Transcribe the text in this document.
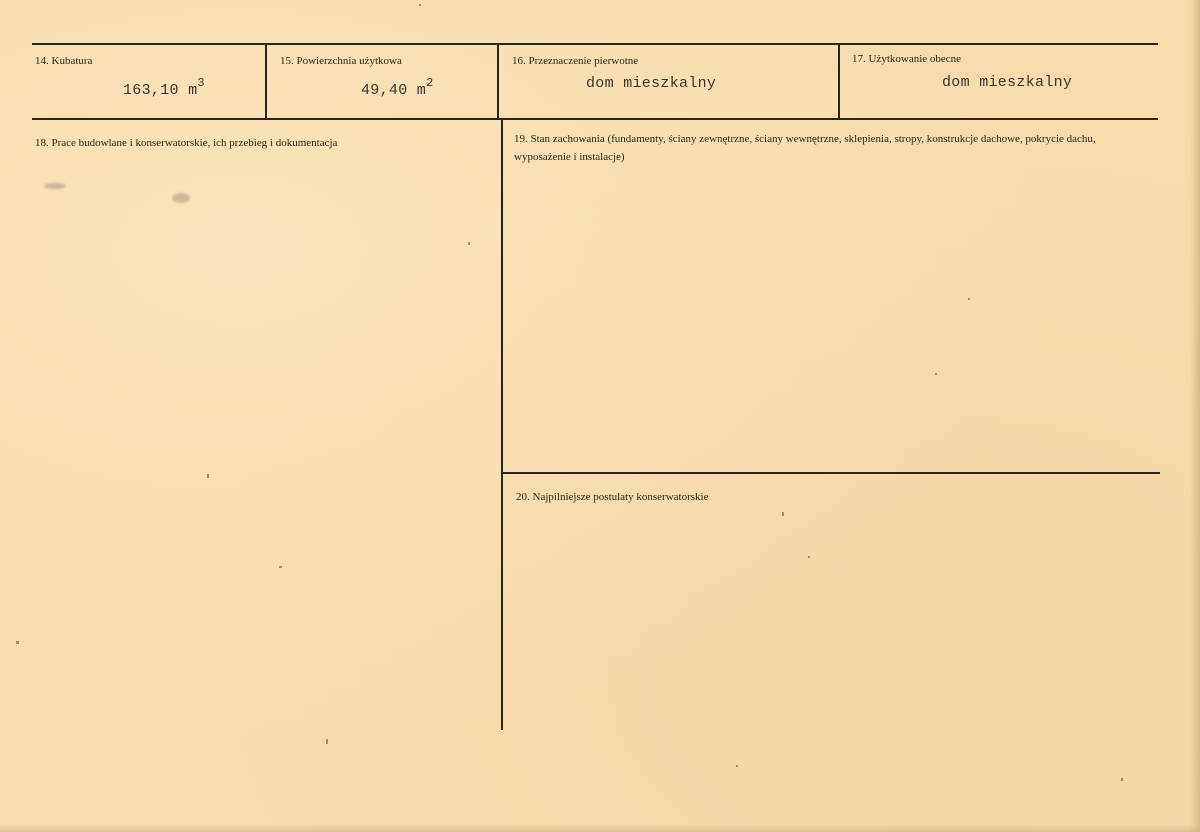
14. Kubatura
163,10 $m^3$
15. Powierzchnia użytkowa
49,40 $m^2$
16. Przeznaczenie pierwotne
dom mieszkalny
17. Użytkowanie obecne
dom mieszkalny
18. Prace budowlane i konserwatorskie, ich przebieg i dokumentacja	19. Stan zachowania (fundamenty, ściany zewnętrzne, ściany wewnętrzne, sklepienia, stropy, konstrukcje dachowe, pokrycie dachu, wyposażenie i instalacje)
20. Najpilniejsze postulaty konserwatorskie
